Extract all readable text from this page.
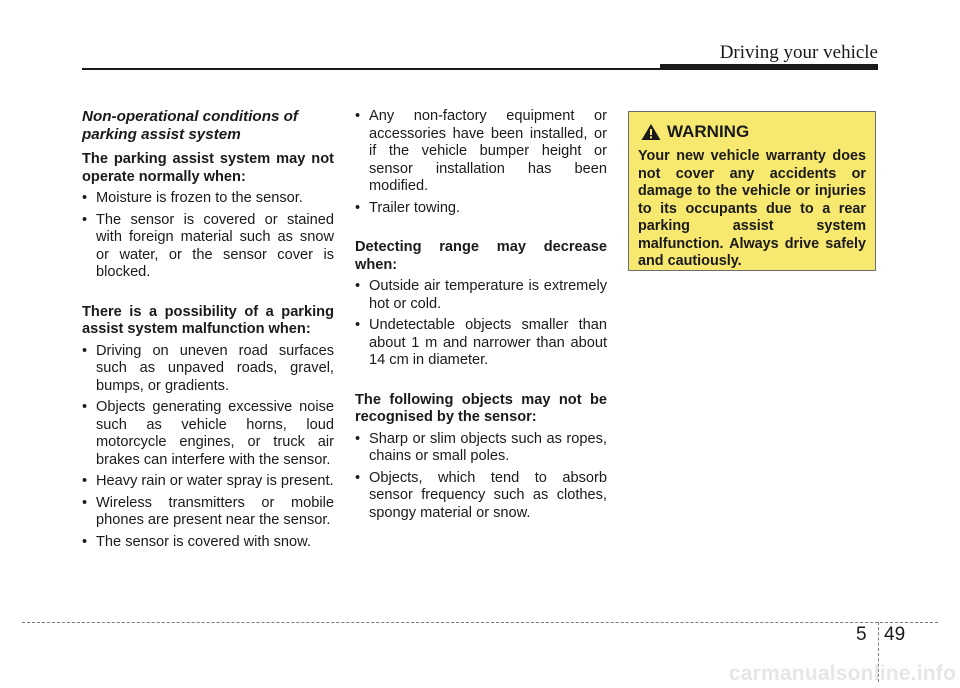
Driving your vehicle

Non-operational conditions of parking assist system

The parking assist system may not operate normally when:

• Moisture is frozen to the sensor.
• The sensor is covered or stained with foreign material such as snow or water, or the sensor cover is blocked.

There is a possibility of a parking assist system malfunction when:

• Driving on uneven road surfaces such as unpaved roads, gravel, bumps, or gradients.
• Objects generating excessive noise such as vehicle horns, loud motorcycle engines, or truck air brakes can interfere with the sensor.
• Heavy rain or water spray is present.
• Wireless transmitters or mobile phones are present near the sensor.
• The sensor is covered with snow.
• Any non-factory equipment or accessories have been installed, or if the vehicle bumper height or sensor installation has been modified.
• Trailer towing.

Detecting range may decrease when:

• Outside air temperature is extremely hot or cold.
• Undetectable objects smaller than about 1 m and narrower than about 14 cm in diameter.

The following objects may not be recognised by the sensor:

• Sharp or slim objects such as ropes, chains or small poles.
• Objects, which tend to absorb sensor frequency such as clothes, spongy material or snow.
WARNING

Your new vehicle warranty does not cover any accidents or damage to the vehicle or injuries to its occupants due to a rear parking assist system malfunction. Always drive safely and cautiously.

5 49
carmanualsonline.info
